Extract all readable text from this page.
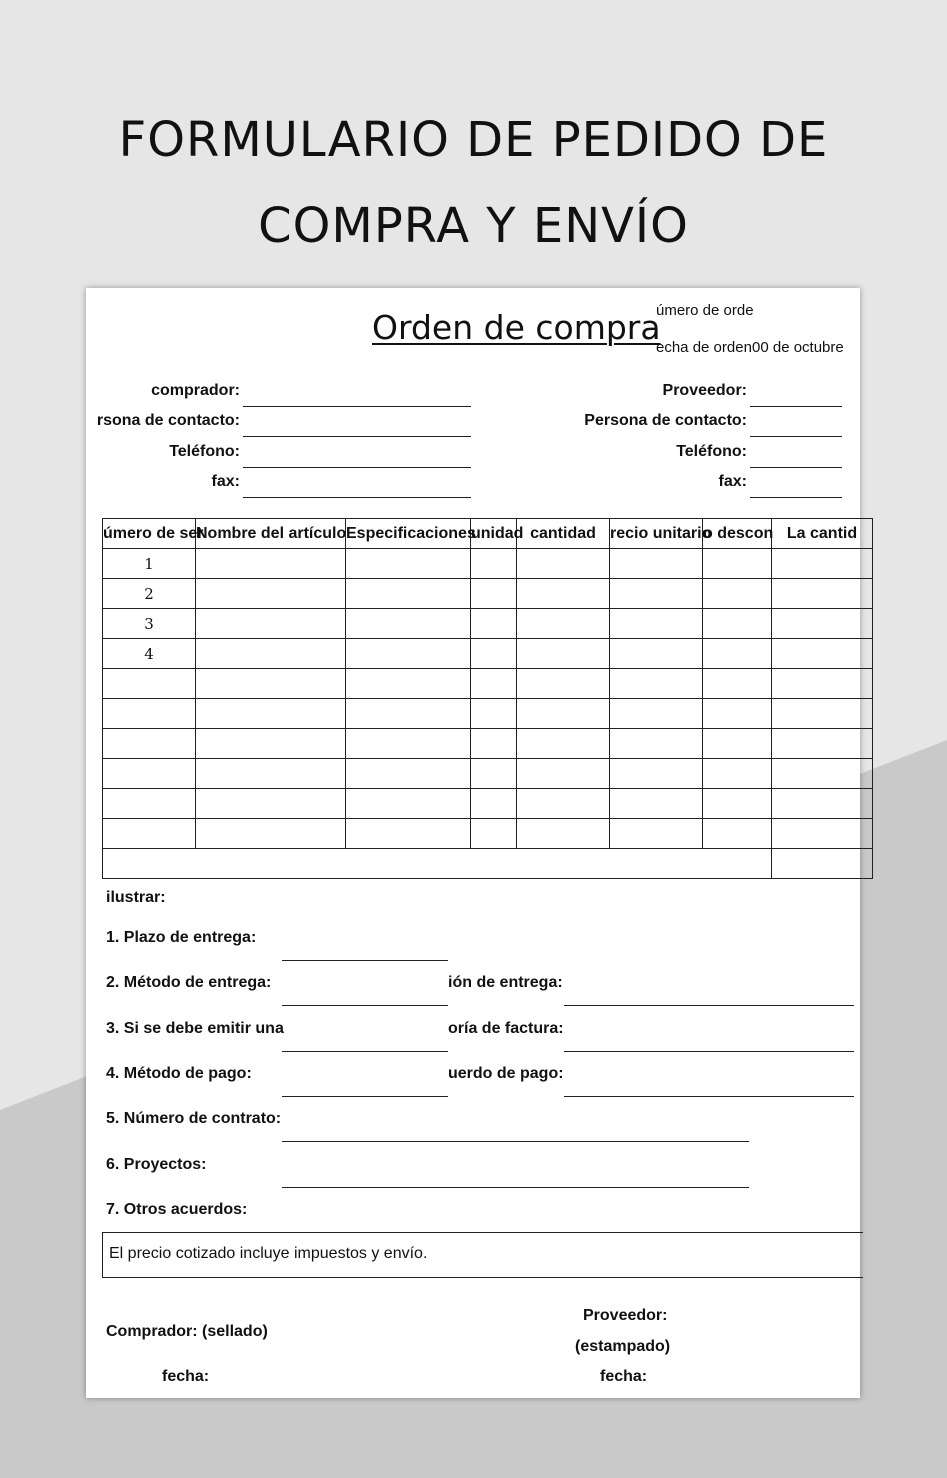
FORMULARIO DE PEDIDO DE
COMPRA Y ENVÍO
Orden de compra
úmero de orde
echa de orden 00 de octubre
comprador:
rsona de contacto:
Teléfono:
fax:
Proveedor:
Persona de contacto:
Teléfono:
fax:
úmero de ser	Nombre del artículo	Especificaciones	unidad	cantidad	recio unitario	o descon	La cantid
1							
2							
3							
4							

ilustrar:
1. Plazo de entrega:
2. Método de entrega:	ión de entrega:
3. Si se debe emitir una	oría de factura:
4. Método de pago:	uerdo de pago:
5. Número de contrato:
6. Proyectos:
7. Otros acuerdos:
El precio cotizado incluye impuestos y envío.
Comprador: (sellado)
fecha:
Proveedor:
(estampado)
fecha:
